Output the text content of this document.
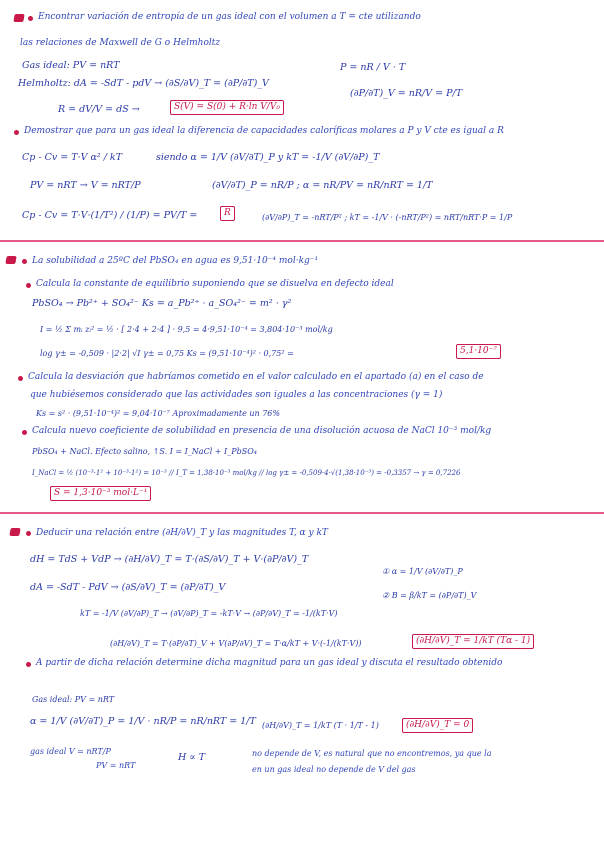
Encontrar variación de entropía de un gas ideal con el volumen a T = cte utilizando
las relaciones de Maxwell de G o Helmholtz
Gas ideal: PV = nRT	P = nR / V · T
Helmholtz: dA = -SdT - pdV → (∂S/∂V)_T = (∂P/∂T)_V
(∂P/∂T)_V = nR/V = P/T
R = dV/V = dS →	S(V) = S(0) + R·ln V/V₀
Demostrar que para un gas ideal la diferencia de capacidades caloríficas molares a P y V cte es igual a R
Cp - Cv = T·V α² / kT	siendo α = 1/V (∂V/∂T)_P y kT = -1/V (∂V/∂P)_T
PV = nRT → V = nRT/P	(∂V/∂T)_P = nR/P ; α = nR/PV = nR/nRT = 1/T
Cp - Cv = T·V·(1/T²) / (1/P) = PV/T =	R	(∂V/∂P)_T = -nRT/P² ; kT = -1/V · (-nRT/P²) = nRT/nRT·P = 1/P
La solubilidad a 25ºC del PbSO₄ en agua es 9,51·10⁻⁴ mol·kg⁻¹
Calcula la constante de equilibrio suponiendo que se disuelva en defecto ideal
PbSO₄ → Pb²⁺ + SO₄²⁻ Ks = a_Pb²⁺ · a_SO₄²⁻ = m² · γ²
I = ½ Σ mᵢ zᵢ² = ½ · [ 2·4 + 2·4 ] · 9,5 = 4·9,51·10⁻⁴ = 3,804·10⁻³ mol/kg
log γ± = -0,509 · |2·2| √I γ± = 0,75 Ks = (9,51·10⁻⁴)² · 0,75² =	5,1·10⁻⁷
Calcula la desviación que habríamos cometido en el valor calculado en el apartado (a) en el caso de
que hubiésemos considerado que las actividades son iguales a las concentraciones (γ = 1)
Ks = s² · (9,51·10⁻⁴)² = 9,04·10⁻⁷ Aproximadamente un 76%
Calcula nuevo coeficiente de solubilidad en presencia de una disolución acuosa de NaCl 10⁻³ mol/kg
PbSO₄ + NaCl. Efecto salino, ↑S. I = I_NaCl + I_PbSO₄
I_NaCl = ½ (10⁻³·1² + 10⁻³·1²) = 10⁻³ // I_T = 1,38·10⁻³ mol/kg // log γ± = -0,509·4·√(1,38·10⁻³) = -0,3357 → γ = 0,7226
S = 1,3·10⁻³ mol·L⁻¹
Deducir una relación entre (∂H/∂V)_T y las magnitudes T, α y kT
dH = TdS + VdP → (∂H/∂V)_T = T·(∂S/∂V)_T + V·(∂P/∂V)_T
① α = 1/V (∂V/∂T)_P
dA = -SdT - PdV → (∂S/∂V)_T = (∂P/∂T)_V
② B = β/kT = (∂P/∂T)_V
kT = -1/V (∂V/∂P)_T → (∂V/∂P)_T = -kT·V → (∂P/∂V)_T = -1/(kT·V)
(∂H/∂V)_T = T·(∂P/∂T)_V + V(∂P/∂V)_T = T·α/kT + V·(-1/(kT·V))	(∂H/∂V)_T = 1/kT (Tα - 1)
A partir de dicha relación determine dicha magnitud para un gas ideal y discuta el resultado obtenido
Gas ideal: PV = nRT
α = 1/V (∂V/∂T)_P = 1/V · nR/P = nR/nRT = 1/T (∂H/∂V)_T = 1/kT (T · 1/T - 1)	(∂H/∂V)_T = 0
gas ideal V = nRT/P
PV = nRT
H ∝ T	no depende de V, es natural que no encontremos, ya que la
en un gas ideal no depende de V del gas
